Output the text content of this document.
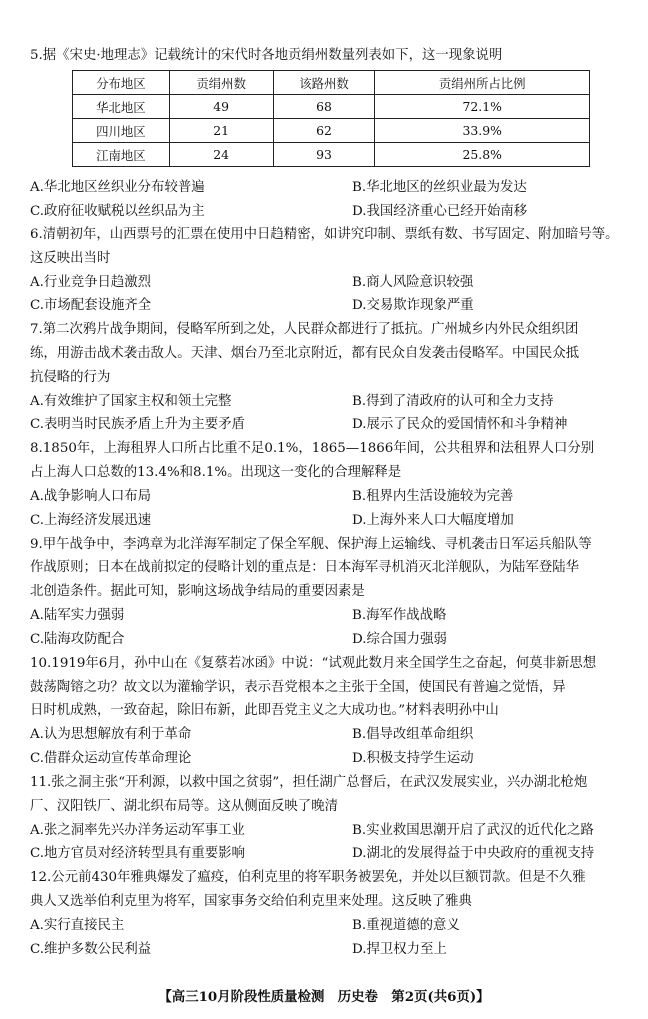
5.据《宋史·地理志》记载统计的宋代时各地贡绢州数量列表如下，这一现象说明
分布地区	贡绢州数	该路州数	贡绢州所占比例
华北地区	49	68	72.1%
四川地区	21	62	33.9%
江南地区	24	93	25.8%
A.华北地区丝织业分布较普遍	B.华北地区的丝织业最为发达
C.政府征收赋税以丝织品为主	D.我国经济重心已经开始南移
6.清朝初年，山西票号的汇票在使用中日趋精密，如讲究印制、票纸有数、书写固定、附加暗号等。
这反映出当时
A.行业竞争日趋激烈	B.商人风险意识较强
C.市场配套设施齐全	D.交易欺诈现象严重
7.第二次鸦片战争期间，侵略军所到之处，人民群众都进行了抵抗。广州城乡内外民众组织团
练，用游击战术袭击敌人。天津、烟台乃至北京附近，都有民众自发袭击侵略军。中国民众抵
抗侵略的行为
A.有效维护了国家主权和领土完整	B.得到了清政府的认可和全力支持
C.表明当时民族矛盾上升为主要矛盾	D.展示了民众的爱国情怀和斗争精神
8.1850年，上海租界人口所占比重不足0.1%，1865—1866年间，公共租界和法租界人口分别
占上海人口总数的13.4%和8.1%。出现这一变化的合理解释是
A.战争影响人口布局	B.租界内生活设施较为完善
C.上海经济发展迅速	D.上海外来人口大幅度增加
9.甲午战争中，李鸿章为北洋海军制定了保全军舰、保护海上运输线、寻机袭击日军运兵船队等
作战原则；日本在战前拟定的侵略计划的重点是：日本海军寻机消灭北洋舰队，为陆军登陆华
北创造条件。据此可知，影响这场战争结局的重要因素是
A.陆军实力强弱	B.海军作战战略
C.陆海攻防配合	D.综合国力强弱
10.1919年6月，孙中山在《复蔡若冰函》中说：“试观此数月来全国学生之奋起，何莫非新思想
鼓荡陶镕之功？故文以为灌输学识，表示吾党根本之主张于全国，使国民有普遍之觉悟，异
日时机成熟，一致奋起，除旧布新，此即吾党主义之大成功也。”材料表明孙中山
A.认为思想解放有利于革命	B.倡导改组革命组织
C.借群众运动宣传革命理论	D.积极支持学生运动
11.张之洞主张“开利源，以救中国之贫弱”，担任湖广总督后，在武汉发展实业，兴办湖北枪炮
厂、汉阳铁厂、湖北织布局等。这从侧面反映了晚清
A.张之洞率先兴办洋务运动军事工业	B.实业救国思潮开启了武汉的近代化之路
C.地方官员对经济转型具有重要影响	D.湖北的发展得益于中央政府的重视支持
12.公元前430年雅典爆发了瘟疫，伯利克里的将军职务被罢免，并处以巨额罚款。但是不久雅
典人又选举伯利克里为将军，国家事务交给伯利克里来处理。这反映了雅典
A.实行直接民主	B.重视道德的意义
C.维护多数公民利益	D.捍卫权力至上
【高三10月阶段性质量检测　历史卷　第2页(共6页)】
